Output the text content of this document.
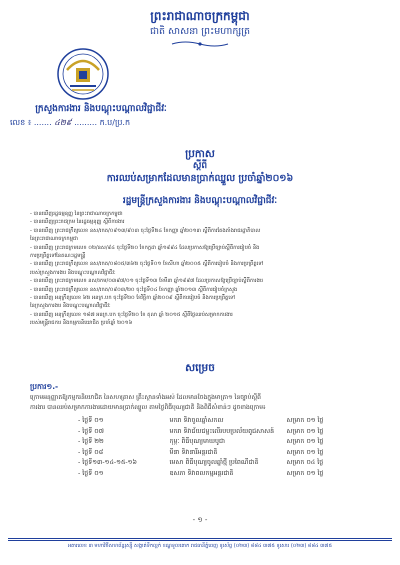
ព្រះរាជាណាចក្រកម្ពុជា
ជាតិ សាសនា ព្រះមហាក្សត្រ
ក្រសួងការងារ និងបណ្តុះបណ្តាលវិជ្ជាជីវៈ
លេខ ៖ ....... ៤២៩ ......... ក.ប/ប្រ.ក
ប្រកាស
ស្តីពី
ការឈប់សម្រាកដែលមានប្រាក់ឈ្នួល ប្រចាំឆ្នាំ២០១៦
រដ្ឋមន្ត្រីក្រសួងការងារ និងបណ្តុះបណ្តាលវិជ្ជាជីវៈ
- បានឃើញរដ្ឋធម្មនុញ្ញ នៃព្រះរាជាណាចក្រកម្ពុជា
- បានឃើញព្រះរាជក្រម នៃរដ្ឋធម្មនុញ្ញ ស្តីពីការងារ
- បានឃើញ ព្រះរាជក្រឹត្យលេខ នស/រកត/០៩១៣/៩០៣ ចុះថ្ងៃទី២៤ ខែកញ្ញា ឆ្នាំ២០១៣ ស្តីពីការតែងតាំងរាជរដ្ឋាភិបាល
នៃព្រះរាជាណាចក្រកម្ពុជា
- បានឃើញ ព្រះរាជក្រមលេខ ០២/នស/៩៤ ចុះថ្ងៃទី២០ ខែកក្កដា ឆ្នាំ១៩៩៤ ដែលប្រកាសឱ្យប្រើច្បាប់ស្តីពីការរៀបចំ និង
ការប្រព្រឹត្តទៅនៃគណៈរដ្ឋមន្ត្រី
- បានឃើញ ព្រះរាជក្រឹត្យលេខ នស/រកត/០៨០៥/៣៦២ ចុះថ្ងៃទី០១ ខែសីហា ឆ្នាំ២០០៥ ស្តីពីការរៀបចំ និងការប្រព្រឹត្តទៅ
របស់ក្រសួងការងារ និងបណ្តុះបណ្តាលវិជ្ជាជីវៈ
- បានឃើញ ព្រះរាជក្រមលេខ នស/រកម/០៣៩៧/០១ ចុះថ្ងៃទី១៣ ខែមីនា ឆ្នាំ១៩៩៧ ដែលប្រកាសឱ្យប្រើច្បាប់ស្តីពីការងារ
- បានឃើញ ព្រះរាជក្រឹត្យលេខ នស/រកត/០៩០៣/២០ ចុះថ្ងៃទី០៤ ខែកញ្ញា ឆ្នាំ២០១៣ ស្តីពីការរៀបចំក្រសួង
- បានឃើញ អនុក្រឹត្យលេខ ៦២ អនក្រ.បក ចុះថ្ងៃទី២០ ខែវិច្ឆិកា ឆ្នាំ២០០៩ ស្តីពីការរៀបចំ និងការប្រព្រឹត្តទៅ
នៃក្រសួងការងារ និងបណ្តុះបណ្តាលវិជ្ជាជីវៈ
- បានឃើញ អនុក្រឹត្យលេខ ១៨៧ អនក្រ.បក ចុះថ្ងៃទី២០ ខែ តុលា ឆ្នាំ ២០១៥ ស្តីពីថ្ងៃឈប់សម្រាកការងារ
របស់មន្ត្រីរាជការ និងកម្មករនិយោជិត ប្រចាំឆ្នាំ ២០១៦
សម្រេច
ប្រការ១.-
ក្រោមអនុញ្ញាតឱ្យកម្មករនិយោជិត នៃសហគ្រាស គ្រឹះស្ថានទាំងអស់ ដែលមានចែងក្នុងមាត្រា១ នៃច្បាប់ស្តីពី
ការងារ បានឈប់សម្រាកការងារដោយមានប្រាក់ឈ្នួល តាមថ្ងៃពិធីបុណ្យជាតិ និងពិធីសំខាន់ៗ ដូចខាងក្រោម៖
- ថ្ងៃទី ០១	មករា ទិវាចូលឆ្នាំសកល	សម្រាក ០១ ថ្ងៃ
- ថ្ងៃទី ០៧	មករា ទិវាជ័យជម្នះលើរបបប្រល័យពូជសាសន៍	សម្រាក ០១ ថ្ងៃ
- ថ្ងៃទី ២២	កុម្ភៈ ពិធីបុណ្យមាឃបូជា	សម្រាក ០១ ថ្ងៃ
- ថ្ងៃទី ០៨	មីនា ទិវានារីអន្តរជាតិ	សម្រាក ០១ ថ្ងៃ
- ថ្ងៃទី១៣-១៤-១៥-១៦	មេសា ពិធីបុណ្យចូលឆ្នាំថ្មី ប្រពៃណីជាតិ	សម្រាក ០៤ ថ្ងៃ
- ថ្ងៃទី ០១	ឧសភា ទិវាពលកម្មអន្តរជាតិ	សម្រាក ០១ ថ្ងៃ
- ១ -
អគារលេខ ៣ មហាវិថីសហព័ន្ធរុស្ស៊ី សង្កាត់ទឹកល្អក់ ខណ្ឌទួលគោក រាជធានីភ្នំពេញ ទូរស័ព្ទ (០២៣) ៨៨៤ ៣៧៥ ទូរសារ (០២៣) ៨៨៤ ៣៧៥
